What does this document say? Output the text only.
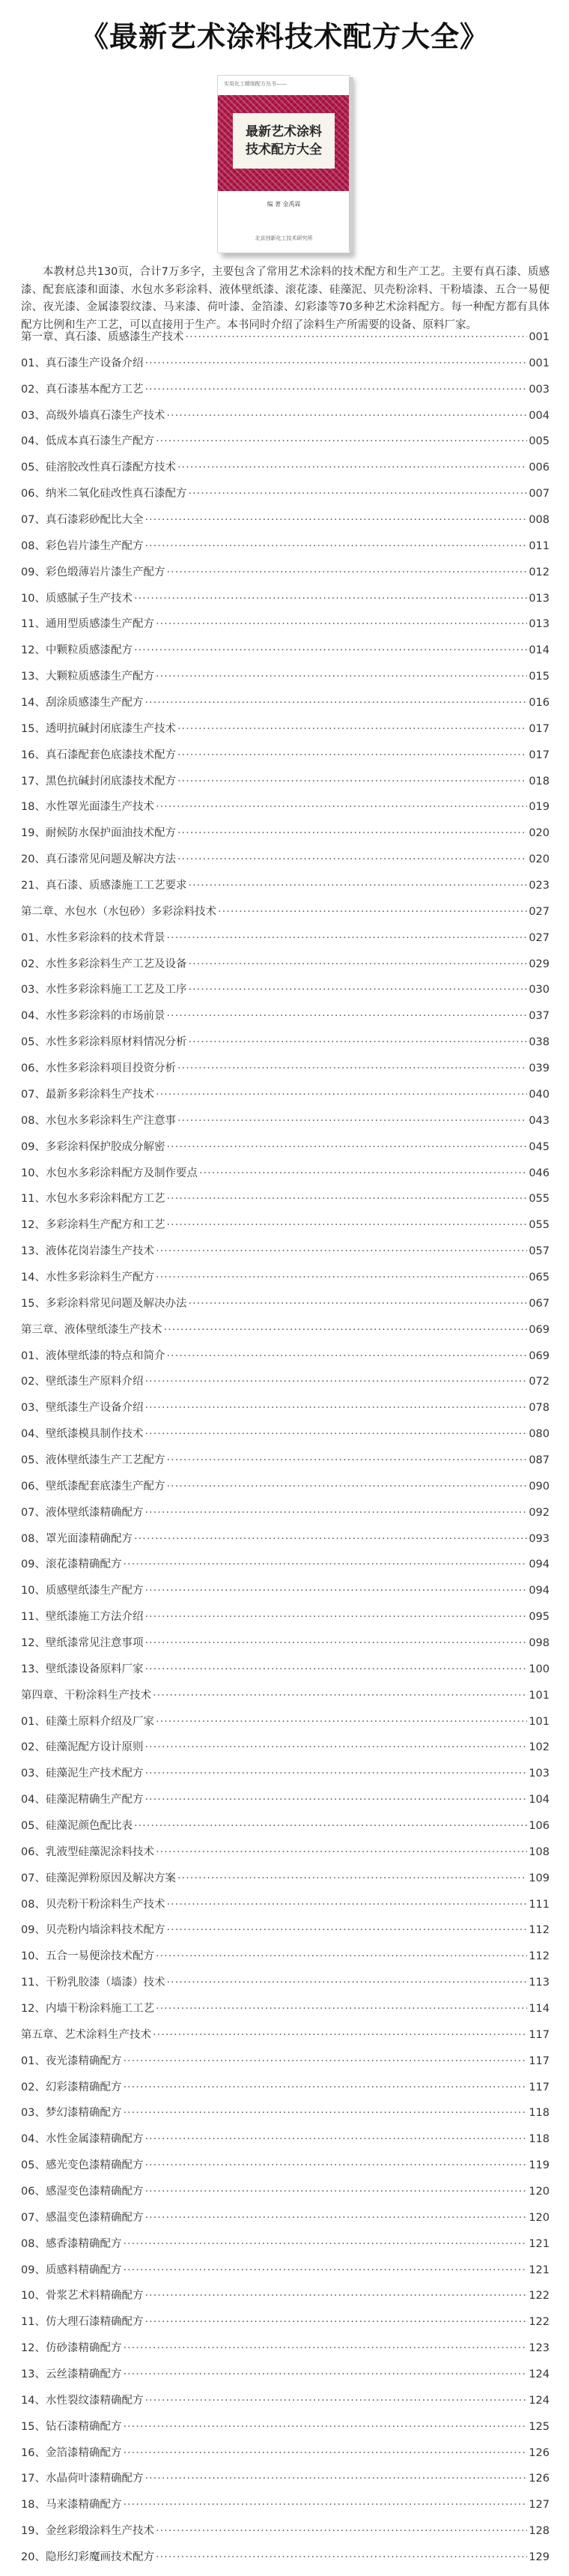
《最新艺术涂料技术配方大全》
实用化工精细配方丛书——
最新艺术涂料
技术配方大全
编 著 金禹霖
北京创新化工技术研究所

本教材总共130页，合计7万多字，主要包含了常用艺术涂料的技术配方和生产工艺。主要有真石漆、质感漆、配套底漆和面漆、水包水多彩涂料、液体壁纸漆、滚花漆、硅藻泥、贝壳粉涂料、干粉墙漆、五合一易便涂、夜光漆、金属漆裂纹漆、马来漆、荷叶漆、金箔漆、幻彩漆等70多种艺术涂料配方。每一种配方都有具体配方比例和生产工艺，可以直接用于生产。本书同时介绍了涂料生产所需要的设备、原料厂家。

第一章、真石漆、质感漆生产技术 ·····	001
01、真石漆生产设备介绍 ·····	001
02、真石漆基本配方工艺 ·····	003
03、高级外墙真石漆生产技术 ·····	004
04、低成本真石漆生产配方 ·····	005
05、硅溶胶改性真石漆配方技术 ·····	006
06、纳米二氧化硅改性真石漆配方 ·····	007
07、真石漆彩砂配比大全 ·····	008
08、彩色岩片漆生产配方 ·····	011
09、彩色缎薄岩片漆生产配方 ·····	012
10、质感腻子生产技术 ·····	013
11、通用型质感漆生产配方 ·····	013
12、中颗粒质感漆配方 ·····	014
13、大颗粒质感漆生产配方 ·····	015
14、刮涂质感漆生产配方 ·····	016
15、透明抗碱封闭底漆生产技术 ·····	017
16、真石漆配套色底漆技术配方 ·····	017
17、黑色抗碱封闭底漆技术配方 ·····	018
18、水性罩光面漆生产技术 ·····	019
19、耐候防水保护面油技术配方 ·····	020
20、真石漆常见问题及解决方法 ·····	020
21、真石漆、质感漆施工工艺要求 ·····	023
第二章、水包水（水包砂）多彩涂料技术 ·····	027
01、水性多彩涂料的技术背景 ·····	027
02、水性多彩涂料生产工艺及设备 ·····	029
03、水性多彩涂料施工工艺及工序 ·····	030
04、水性多彩涂料的市场前景 ·····	037
05、水性多彩涂料原材料情况分析 ·····	038
06、水性多彩涂料项目投资分析 ·····	039
07、最新多彩涂料生产技术 ·····	040
08、水包水多彩涂料生产注意事 ·····	043
09、多彩涂料保护胶成分解密 ·····	045
10、水包水多彩涂料配方及制作要点 ·····	046
11、水包水多彩涂料配方工艺 ·····	055
12、多彩涂料生产配方和工艺 ·····	055
13、液体花岗岩漆生产技术 ·····	057
14、水性多彩涂料生产配方 ·····	065
15、多彩涂料常见问题及解决办法 ·····	067
第三章、液体壁纸漆生产技术 ·····	069
01、液体壁纸漆的特点和简介 ·····	069
02、壁纸漆生产原料介绍 ·····	072
03、壁纸漆生产设备介绍 ·····	078
04、壁纸漆模具制作技术 ·····	080
05、液体壁纸漆生产工艺配方 ·····	087
06、壁纸漆配套底漆生产配方 ·····	090
07、液体壁纸漆精确配方 ·····	092
08、罩光面漆精确配方 ·····	093
09、滚花漆精确配方 ·····	094
10、质感壁纸漆生产配方 ·····	094
11、壁纸漆施工方法介绍 ·····	095
12、壁纸漆常见注意事项 ·····	098
13、壁纸漆设备原料厂家 ·····	100
第四章、干粉涂料生产技术 ·····	101
01、硅藻土原料介绍及厂家 ·····	101
02、硅藻泥配方设计原则 ·····	102
03、硅藻泥生产技术配方 ·····	103
04、硅藻泥精确生产配方 ·····	104
05、硅藻泥颜色配比表 ·····	106
06、乳液型硅藻泥涂料技术 ·····	108
07、硅藻泥弹粉原因及解决方案 ·····	109
08、贝壳粉干粉涂料生产技术 ·····	111
09、贝壳粉内墙涂料技术配方 ·····	112
10、五合一易便涂技术配方 ·····	112
11、干粉乳胶漆（墙漆）技术 ·····	113
12、内墙干粉涂料施工工艺 ·····	114
第五章、艺术涂料生产技术 ·····	117
01、夜光漆精确配方 ·····	117
02、幻彩漆精确配方 ·····	117
03、梦幻漆精确配方 ·····	118
04、水性金属漆精确配方 ·····	118
05、感光变色漆精确配方 ·····	119
06、感湿变色漆精确配方 ·····	120
07、感温变色漆精确配方 ·····	120
08、感香漆精确配方 ·····	121
09、质感料精确配方 ·····	121
10、骨浆艺术料精确配方 ·····	122
11、仿大理石漆精确配方 ·····	122
12、仿砂漆精确配方 ·····	123
13、云丝漆精确配方 ·····	124
14、水性裂纹漆精确配方 ·····	124
15、钻石漆精确配方 ·····	125
16、金箔漆精确配方 ·····	126
17、水晶荷叶漆精确配方 ·····	126
18、马来漆精确配方 ·····	127
19、金丝彩缎涂料生产技术 ·····	128
20、隐形幻彩魔画技术配方 ·····	129
